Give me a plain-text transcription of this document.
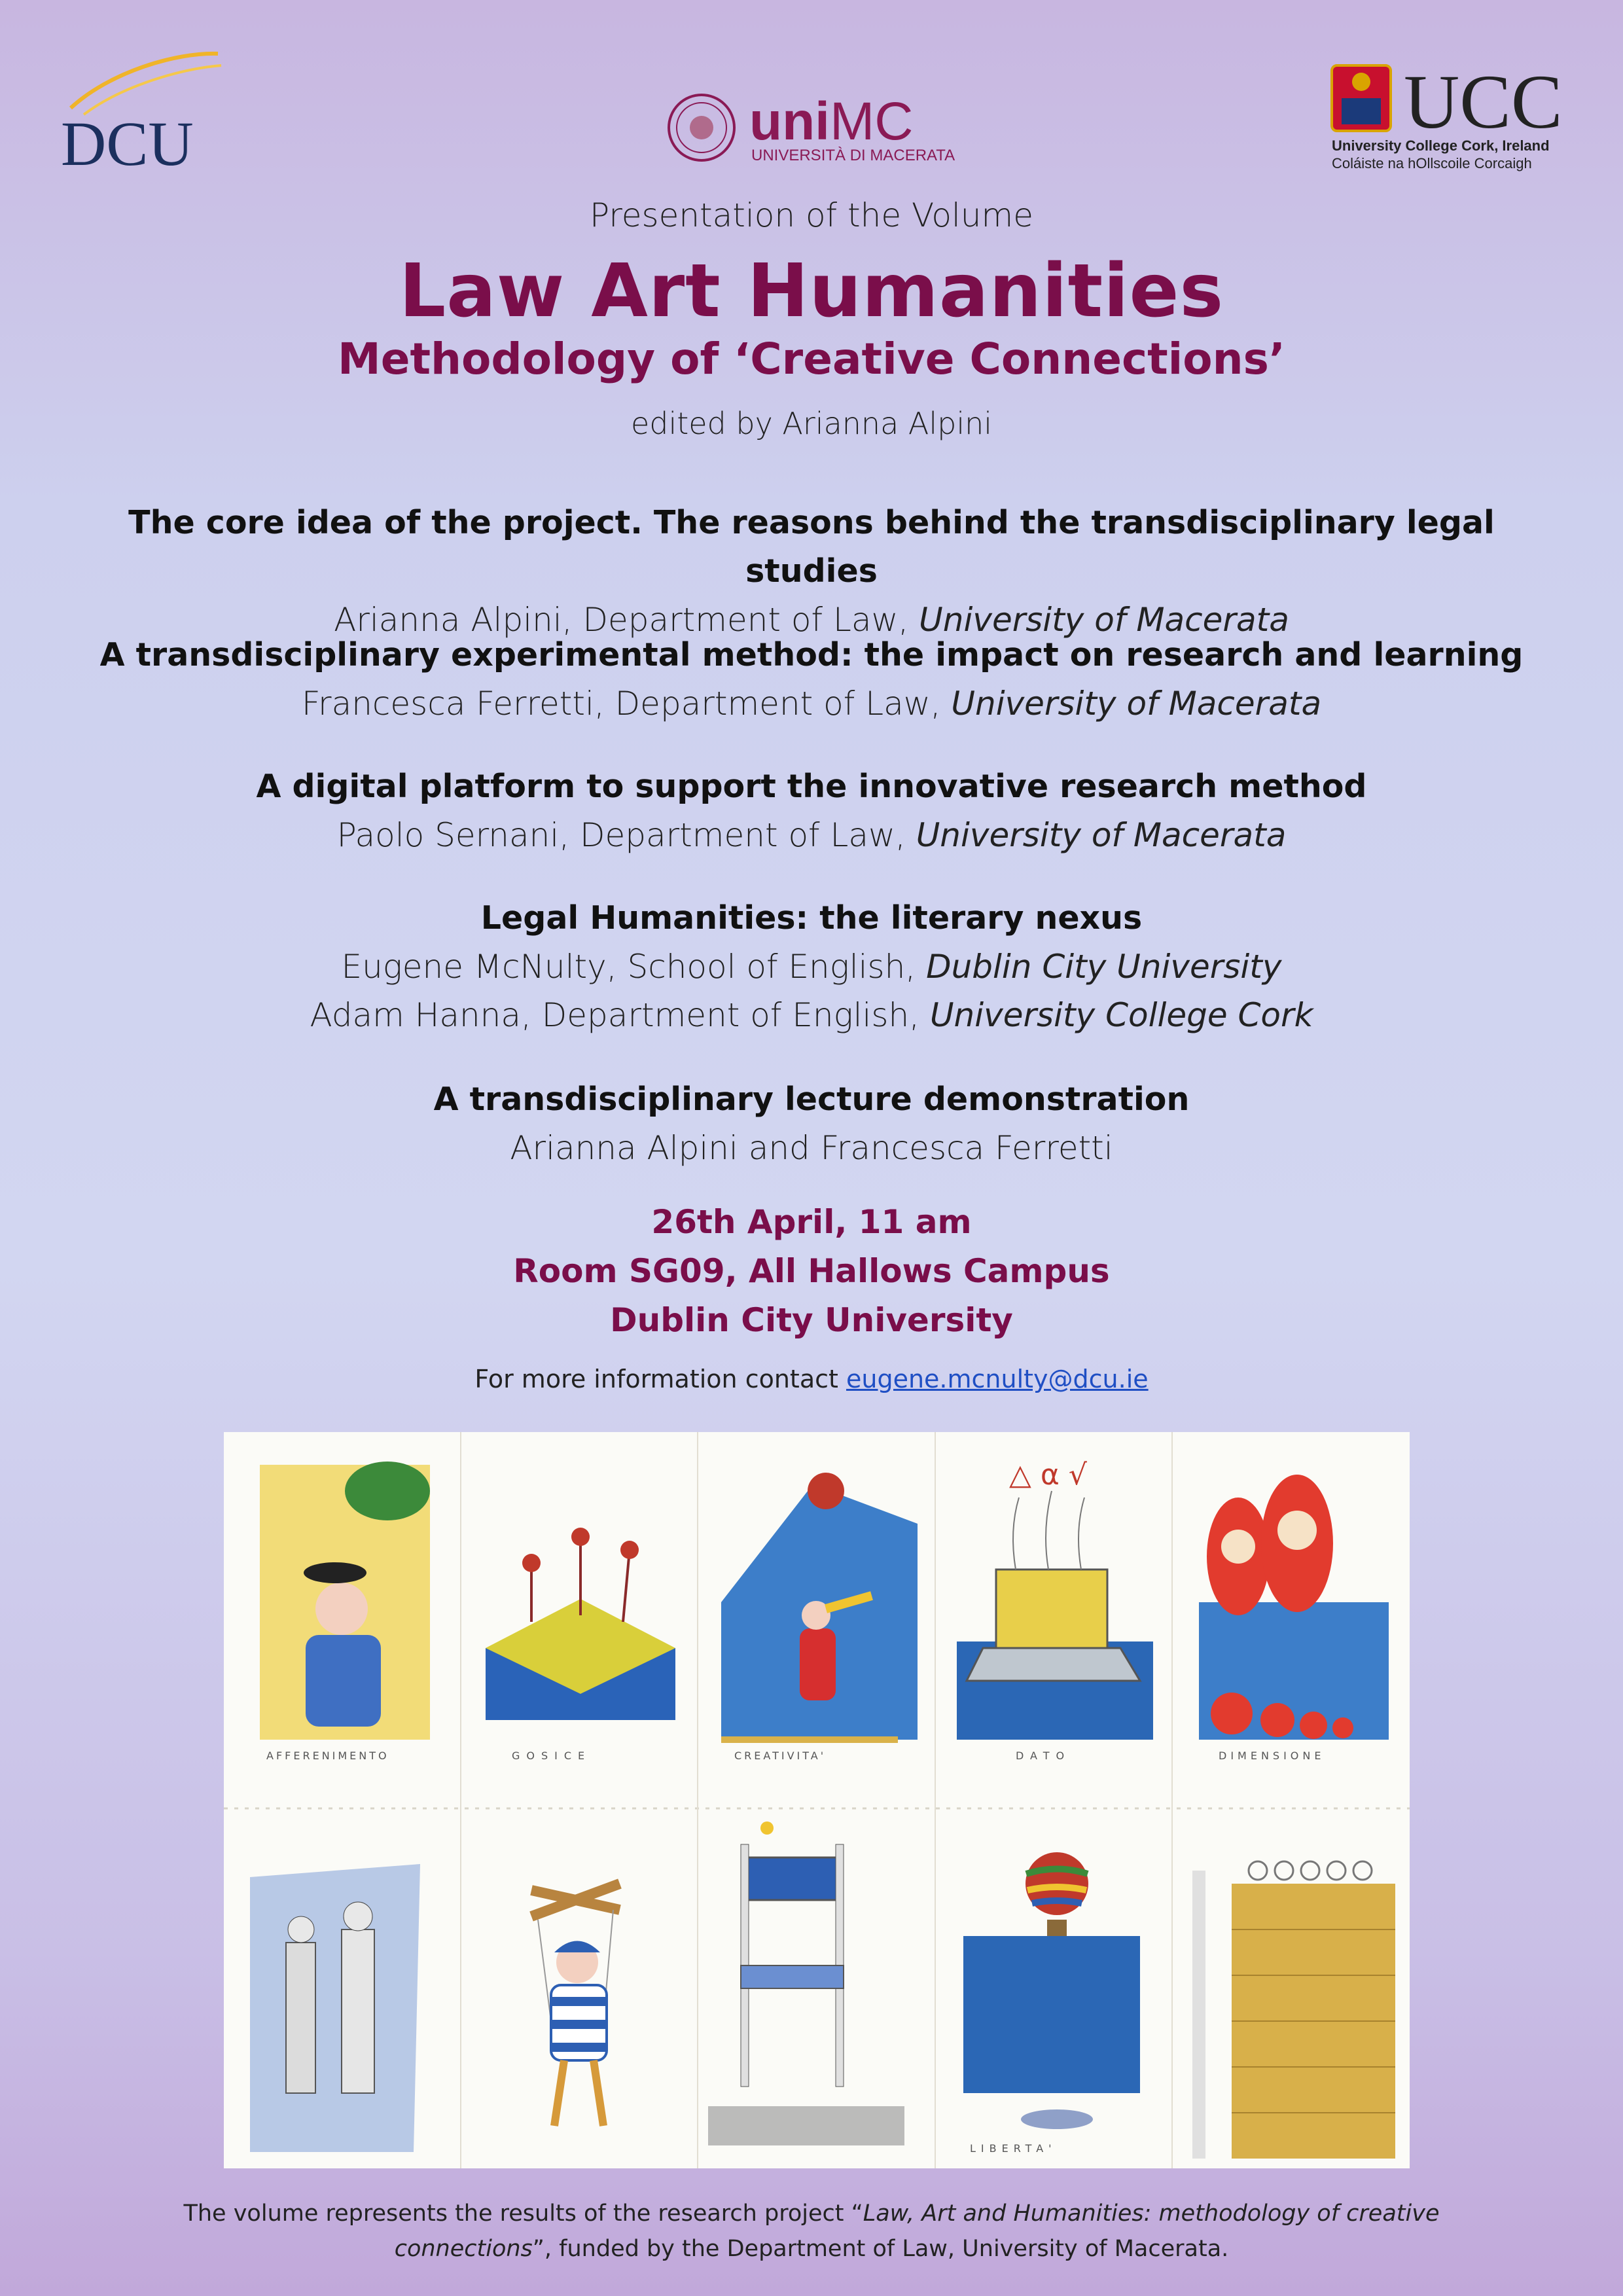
DCU	uniMC
UNIVERSITÀ DI MACERATA
UCC
University College Cork, Ireland
Coláiste na hOllscoile Corcaigh
Presentation of the Volume
Law Art Humanities
Methodology of ‘Creative Connections’
edited by Arianna Alpini
The core idea of the project. The reasons behind the transdisciplinary legal studies
Arianna Alpini, Department of Law, University of Macerata
A transdisciplinary experimental method: the impact on research and learning
Francesca Ferretti, Department of Law, University of Macerata
A digital platform to support the innovative research method
Paolo Sernani, Department of Law, University of Macerata
Legal Humanities: the literary nexus
Eugene McNulty, School of English, Dublin City University
Adam Hanna, Department of English, University College Cork
A transdisciplinary lecture demonstration
Arianna Alpini and Francesca Ferretti
26th April, 11 am
Room SG09, All Hallows Campus
Dublin City University
For more information contact eugene.mcnulty@dcu.ie
AFFERENIMENTO	GOSICE	CREATIVITA'
△ α √
DATO	DIMENSIONE
LIBERTA'
The volume represents the results of the research project “Law, Art and Humanities: methodology of creative connections”, funded by the Department of Law, University of Macerata.
